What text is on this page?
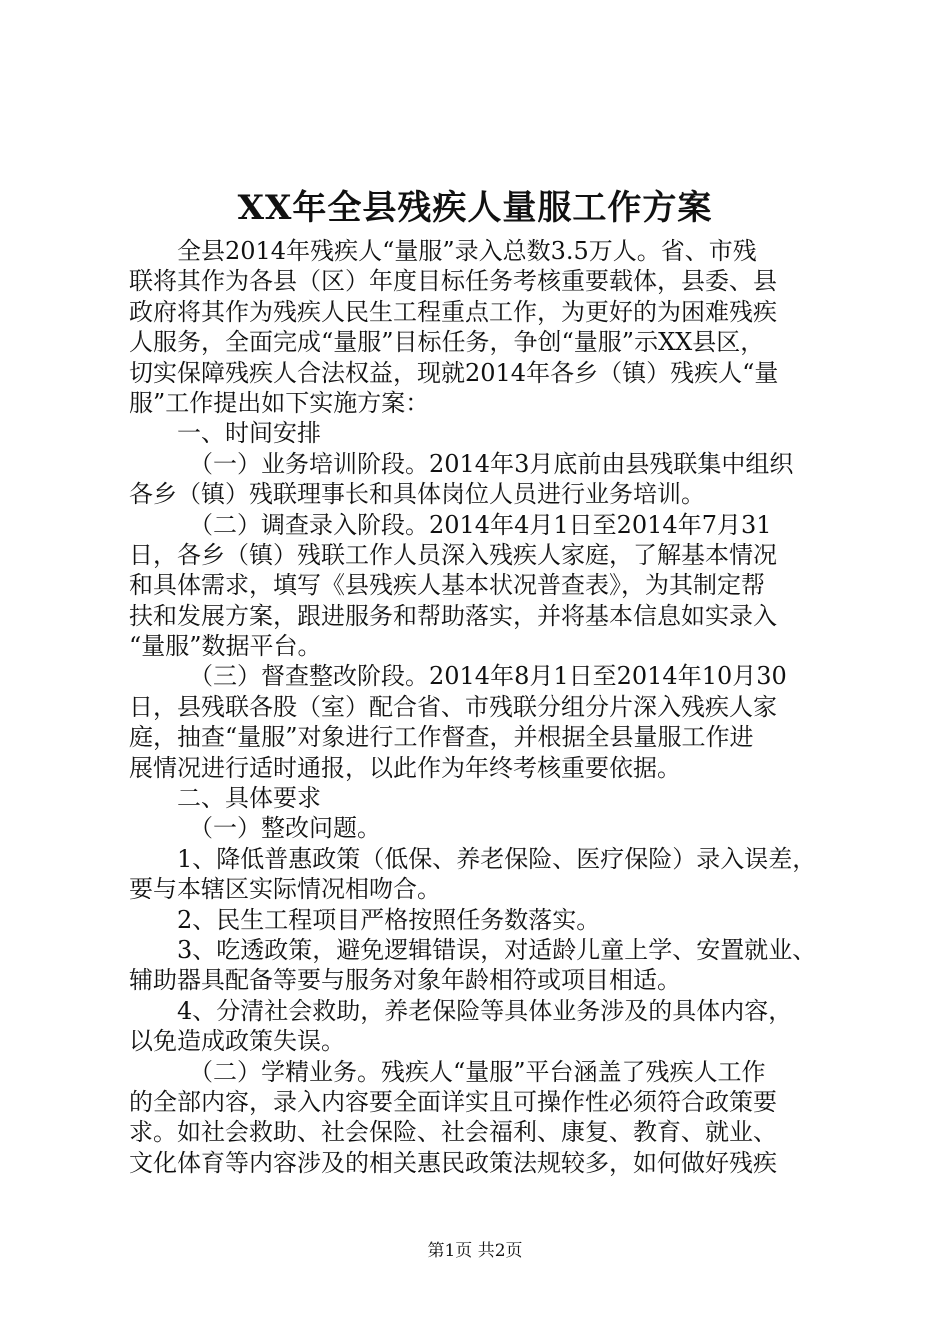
XX年全县残疾人量服工作方案
全县2014年残疾人“量服”录入总数3.5万人。省、市残
联将其作为各县（区）年度目标任务考核重要载体，县委、县
政府将其作为残疾人民生工程重点工作，为更好的为困难残疾
人服务，全面完成“量服”目标任务，争创“量服”示XX县区，
切实保障残疾人合法权益，现就2014年各乡（镇）残疾人“量
服”工作提出如下实施方案：
一、时间安排
（一）业务培训阶段。2014年3月底前由县残联集中组织
各乡（镇）残联理事长和具体岗位人员进行业务培训。
（二）调查录入阶段。2014年4月1日至2014年7月31
日，各乡（镇）残联工作人员深入残疾人家庭，了解基本情况
和具体需求，填写《县残疾人基本状况普查表》，为其制定帮
扶和发展方案，跟进服务和帮助落实，并将基本信息如实录入
“量服”数据平台。
（三）督查整改阶段。2014年8月1日至2014年10月30
日，县残联各股（室）配合省、市残联分组分片深入残疾人家
庭，抽查“量服”对象进行工作督查，并根据全县量服工作进
展情况进行适时通报，以此作为年终考核重要依据。
二、具体要求
（一）整改问题。
1、降低普惠政策（低保、养老保险、医疗保险）录入误差，
要与本辖区实际情况相吻合。
2、民生工程项目严格按照任务数落实。
3、吃透政策，避免逻辑错误，对适龄儿童上学、安置就业、
辅助器具配备等要与服务对象年龄相符或项目相适。
4、分清社会救助，养老保险等具体业务涉及的具体内容，
以免造成政策失误。
（二）学精业务。残疾人“量服”平台涵盖了残疾人工作
的全部内容，录入内容要全面详实且可操作性必须符合政策要
求。如社会救助、社会保险、社会福利、康复、教育、就业、
文化体育等内容涉及的相关惠民政策法规较多，如何做好残疾
第1页 共2页
